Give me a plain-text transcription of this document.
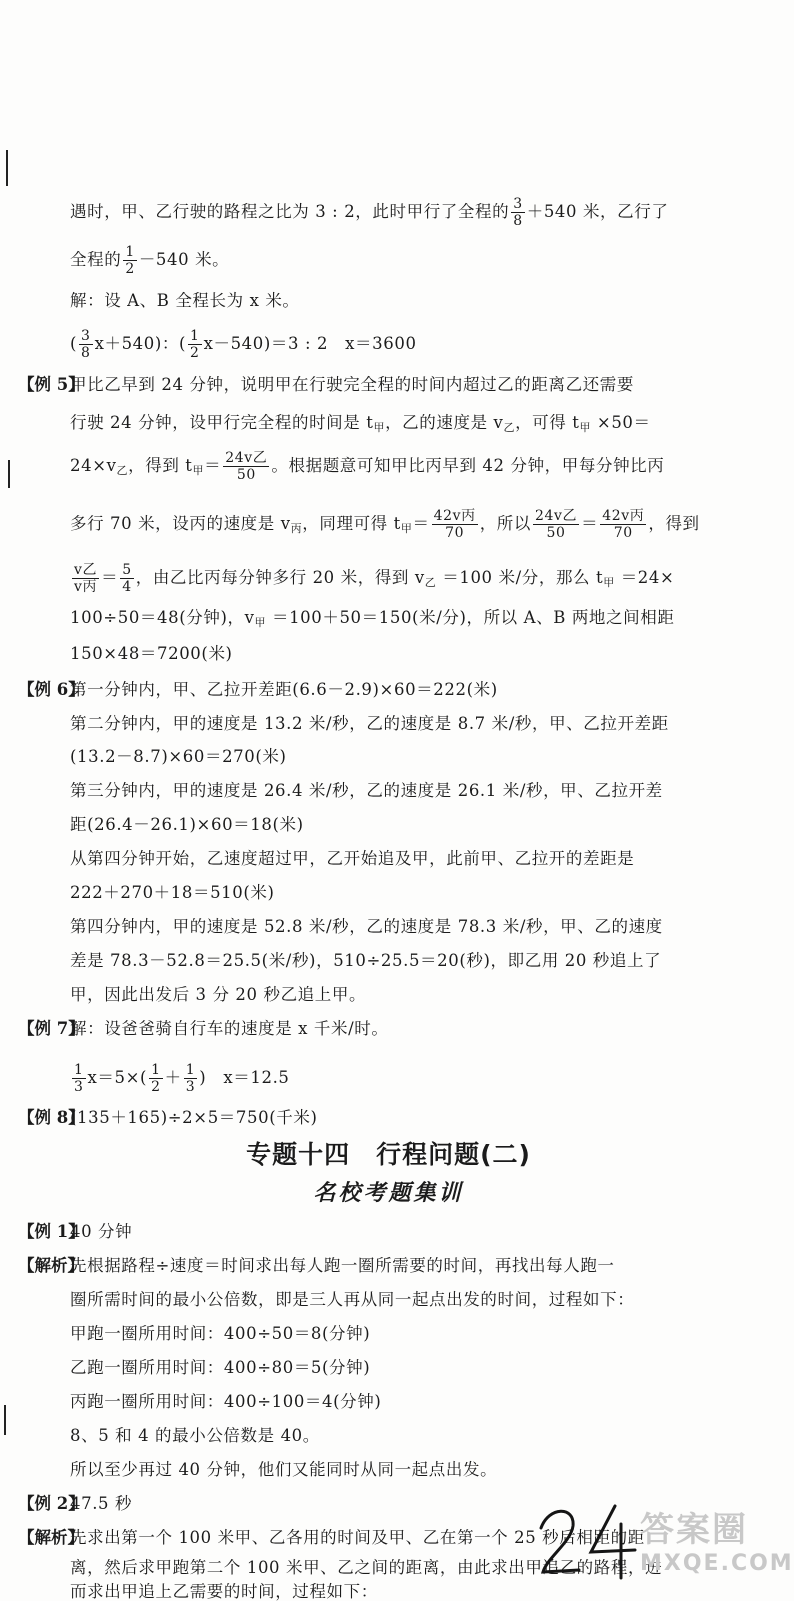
遇时，甲、乙行驶的路程之比为 3 : 2，此时甲行了全程的 $\frac{3}{8} +540$ 米，乙行了
全程的 $\frac{1}{2} -540$ 米。
解：设 A、B 全程长为 x 米。
( $\frac{3}{8} x+540$)：( $\frac{1}{2} x-540)=3$ : 2　x＝3600
【例 5】
甲比乙早到 24 分钟，说明甲在行驶完全程的时间内超过乙的距离乙还需要
行驶 24 分钟，设甲行完全程的时间是 $t_甲$，乙的速度是 $v_乙$，可得 $t_甲 \times 50=$
$24\times v_乙$，得到 $t_甲= \frac{\text{24v乙}}{50}$ 。根据题意可知甲比丙早到 42 分钟，甲每分钟比丙
多行 70 米，设丙的速度是 $v_丙$，同理可得 $t_甲= \frac{\text{42v丙}}{70}$ ，所以 $\frac{\text{24v乙}}{50} = \frac{\text{42v丙}}{70}$ ，得到
$\frac{\text{v乙}}{\text{v丙}} = \frac{5}{4}$ ，由乙比丙每分钟多行 20 米，得到 $v_乙 =100$ 米/分，那么 $t_甲 =24\times$
100÷50＝48(分钟)，$v_甲 =100+50=150$(米/分)，所以 A、B 两地之间相距
150×48＝7200(米)
【例 6】
第一分钟内，甲、乙拉开差距(6.6－2.9)×60＝222(米)
第二分钟内，甲的速度是 13.2 米/秒，乙的速度是 8.7 米/秒，甲、乙拉开差距
(13.2－8.7)×60＝270(米)
第三分钟内，甲的速度是 26.4 米/秒，乙的速度是 26.1 米/秒，甲、乙拉开差
距(26.4－26.1)×60＝18(米)
从第四分钟开始，乙速度超过甲，乙开始追及甲，此前甲、乙拉开的差距是
222＋270＋18＝510(米)
第四分钟内，甲的速度是 52.8 米/秒，乙的速度是 78.3 米/秒，甲、乙的速度
差是 78.3－52.8＝25.5(米/秒)，510÷25.5＝20(秒)，即乙用 20 秒追上了
甲，因此出发后 3 分 20 秒乙追上甲。
【例 7】
解：设爸爸骑自行车的速度是 x 千米/时。
$\frac{1}{3} x=5\times( \frac{1}{2} + \frac{1}{3}$ )　x＝12.5
【例 8】
(135＋165)÷2×5＝750(千米)
专题十四　行程问题(二)
名校考题集训
【例 1】
40 分钟
【解析】
先根据路程÷速度＝时间求出每人跑一圈所需要的时间，再找出每人跑一
圈所需时间的最小公倍数，即是三人再从同一起点出发的时间，过程如下：
甲跑一圈所用时间：400÷50＝8(分钟)
乙跑一圈所用时间：400÷80＝5(分钟)
丙跑一圈所用时间：400÷100＝4(分钟)
8、5 和 4 的最小公倍数是 40。
所以至少再过 40 分钟，他们又能同时从同一起点出发。
【例 2】
47.5 秒
【解析】
先求出第一个 100 米甲、乙各用的时间及甲、乙在第一个 25 秒后相距的距
离，然后求甲跑第二个 100 米甲、乙之间的距离，由此求出甲追乙的路程，进
而求出甲追上乙需要的时间，过程如下：
答案圈
MXQE.COM
